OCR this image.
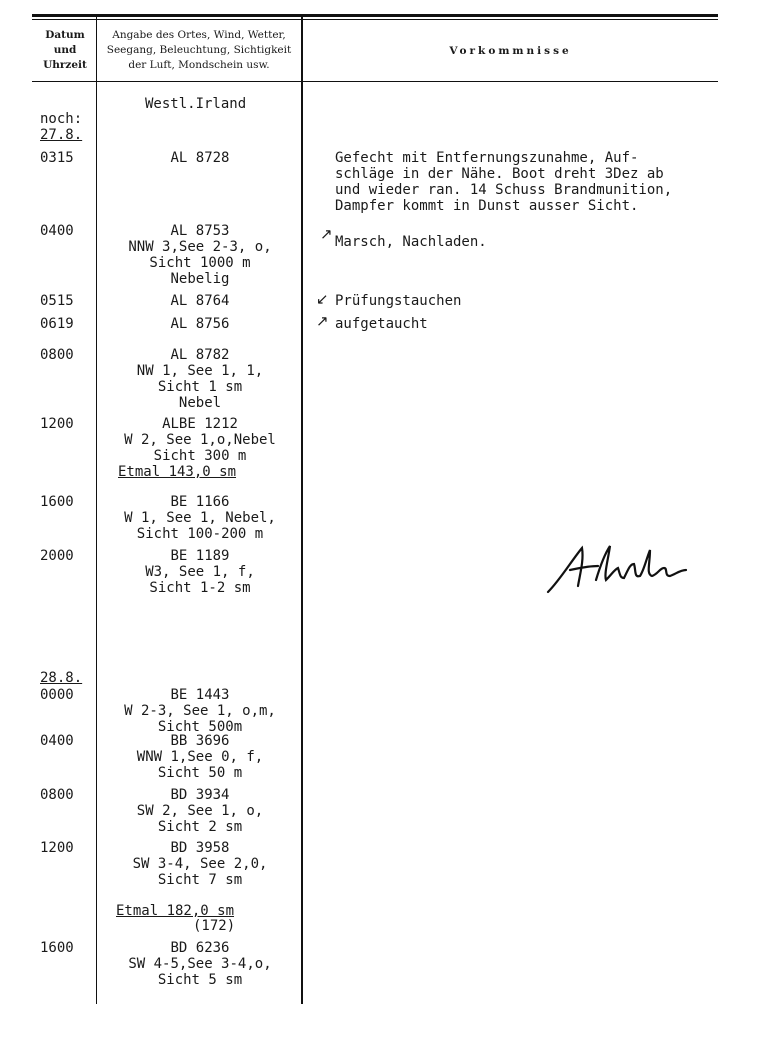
Datum
und
Uhrzeit
Angabe des Ortes, Wind, Wetter,
Seegang, Beleuchtung, Sichtigkeit
der Luft, Mondschein usw.
Vorkommnisse
noch:
27.8.
0315
0400
0515
0619
0800
1200
1600
2000
28.8.
0000
0400
0800
1200
1600
Westl.Irland
AL 8728
AL 8753
NNW 3,See 2-3, o,
Sicht 1000 m
Nebelig
AL 8764
AL 8756
AL 8782
NW 1, See 1, 1,
Sicht 1 sm
Nebel
ALBE 1212
W 2, See 1,o,Nebel
Sicht 300 m
Etmal 143,0 sm
BE 1166
W 1, See 1, Nebel,
Sicht 100-200 m
BE 1189
W3, See 1, f,
Sicht 1-2 sm
BE 1443
W 2-3, See 1, o,m,
Sicht 500m
BB 3696
WNW 1,See 0, f,
Sicht 50 m
BD 3934
SW 2, See 1, o,
Sicht 2 sm
BD 3958
SW 3-4, See 2,0,
Sicht 7 sm
Etmal 182,0 sm
(172)
BD 6236
SW 4-5,See 3-4,o,
Sicht 5 sm
Gefecht mit Entfernungszunahme, Auf-
schläge in der Nähe. Boot dreht 3Dez ab
und wieder ran. 14 Schuss Brandmunition,
Dampfer kommt in Dunst ausser Sicht.
↗ Marsch, Nachladen.
↙ Prüfungstauchen
↗ aufgetaucht
